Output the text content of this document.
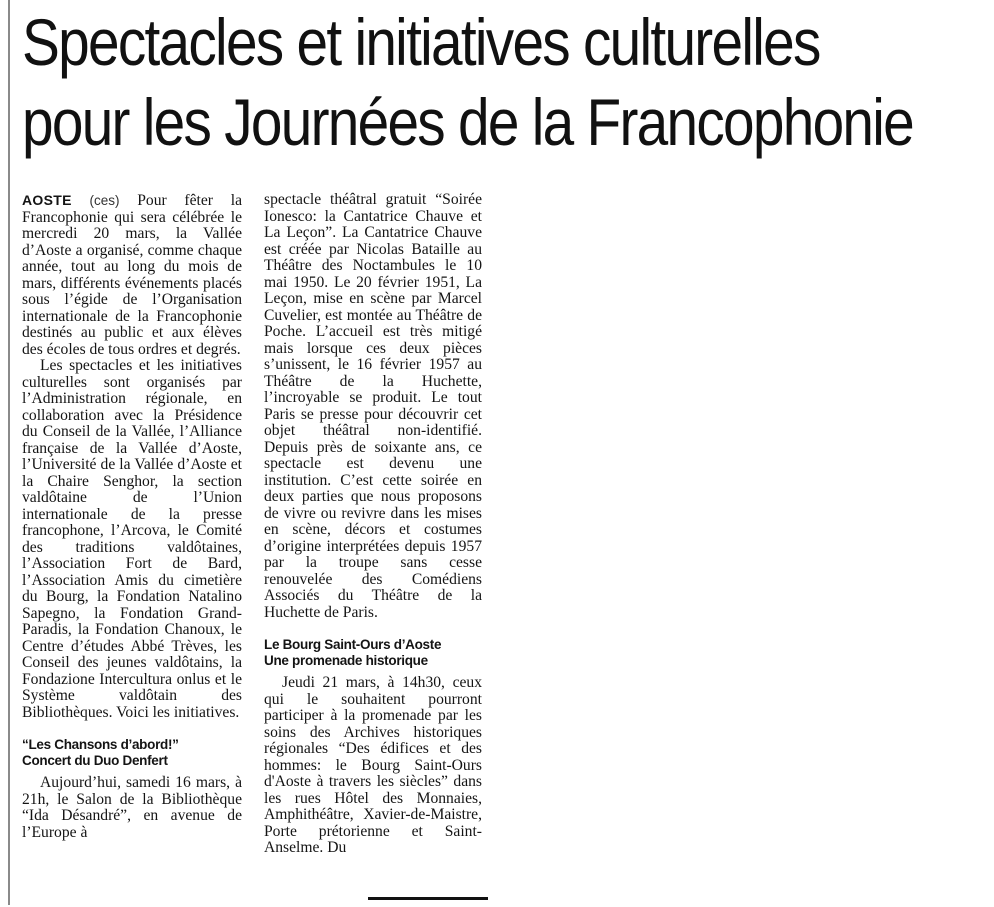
Spectacles et initiatives culturelles
pour les Journées de la Francophonie

AOSTE (ces) Pour fêter la Francophonie qui sera célébrée le mercredi 20 mars, la Vallée d’Aoste a organisé, comme chaque année, tout au long du mois de mars, différents événements placés sous l’égide de l’Organisation internationale de la Francophonie destinés au public et aux élèves des écoles de tous ordres et degrés.

Les spectacles et les initiatives culturelles sont organisés par l’Administration régionale, en collaboration avec la Présidence du Conseil de la Vallée, l’Alliance française de la Vallée d’Aoste, l’Université de la Vallée d’Aoste et la Chaire Senghor, la section valdôtaine de l’Union internationale de la presse francophone, l’Arcova, le Comité des traditions valdôtaines, l’Association Fort de Bard, l’Association Amis du cimetière du Bourg, la Fondation Natalino Sapegno, la Fondation Grand-Paradis, la Fondation Chanoux, le Centre d’études Abbé Trèves, les Conseil des jeunes valdôtains, la Fondazione Intercultura onlus et le Système valdôtain des Bibliothèques. Voici les initiatives.

“Les Chansons d’abord!”
Concert du Duo Denfert

Aujourd’hui, samedi 16 mars, à 21h, le Salon de la Bibliothèque “Ida Désandré”, en avenue de l’Europe à

spectacle théâtral gratuit “Soirée Ionesco: la Cantatrice Chauve et La Leçon”. La Cantatrice Chauve est créée par Nicolas Bataille au Théâtre des Noctambules le 10 mai 1950. Le 20 février 1951, La Leçon, mise en scène par Marcel Cuvelier, est montée au Théâtre de Poche. L’accueil est très mitigé mais lorsque ces deux pièces s’unissent, le 16 février 1957 au Théâtre de la Huchette, l’incroyable se produit. Le tout Paris se presse pour découvrir cet objet théâtral non-identifié. Depuis près de soixante ans, ce spectacle est devenu une institution. C’est cette soirée en deux parties que nous proposons de vivre ou revivre dans les mises en scène, décors et costumes d’origine interprétées depuis 1957 par la troupe sans cesse renouvelée des Comédiens Associés du Théâtre de la Huchette de Paris.

Le Bourg Saint-Ours d’Aoste
Une promenade historique

Jeudi 21 mars, à 14h30, ceux qui le souhaitent pourront participer à la promenade par les soins des Archives historiques régionales “Des édifices et des hommes: le Bourg Saint-Ours d'Aoste à travers les siècles” dans les rues Hôtel des Monnaies, Amphithéâtre, Xavier-de-Maistre, Porte prétorienne et Saint-Anselme. Du
